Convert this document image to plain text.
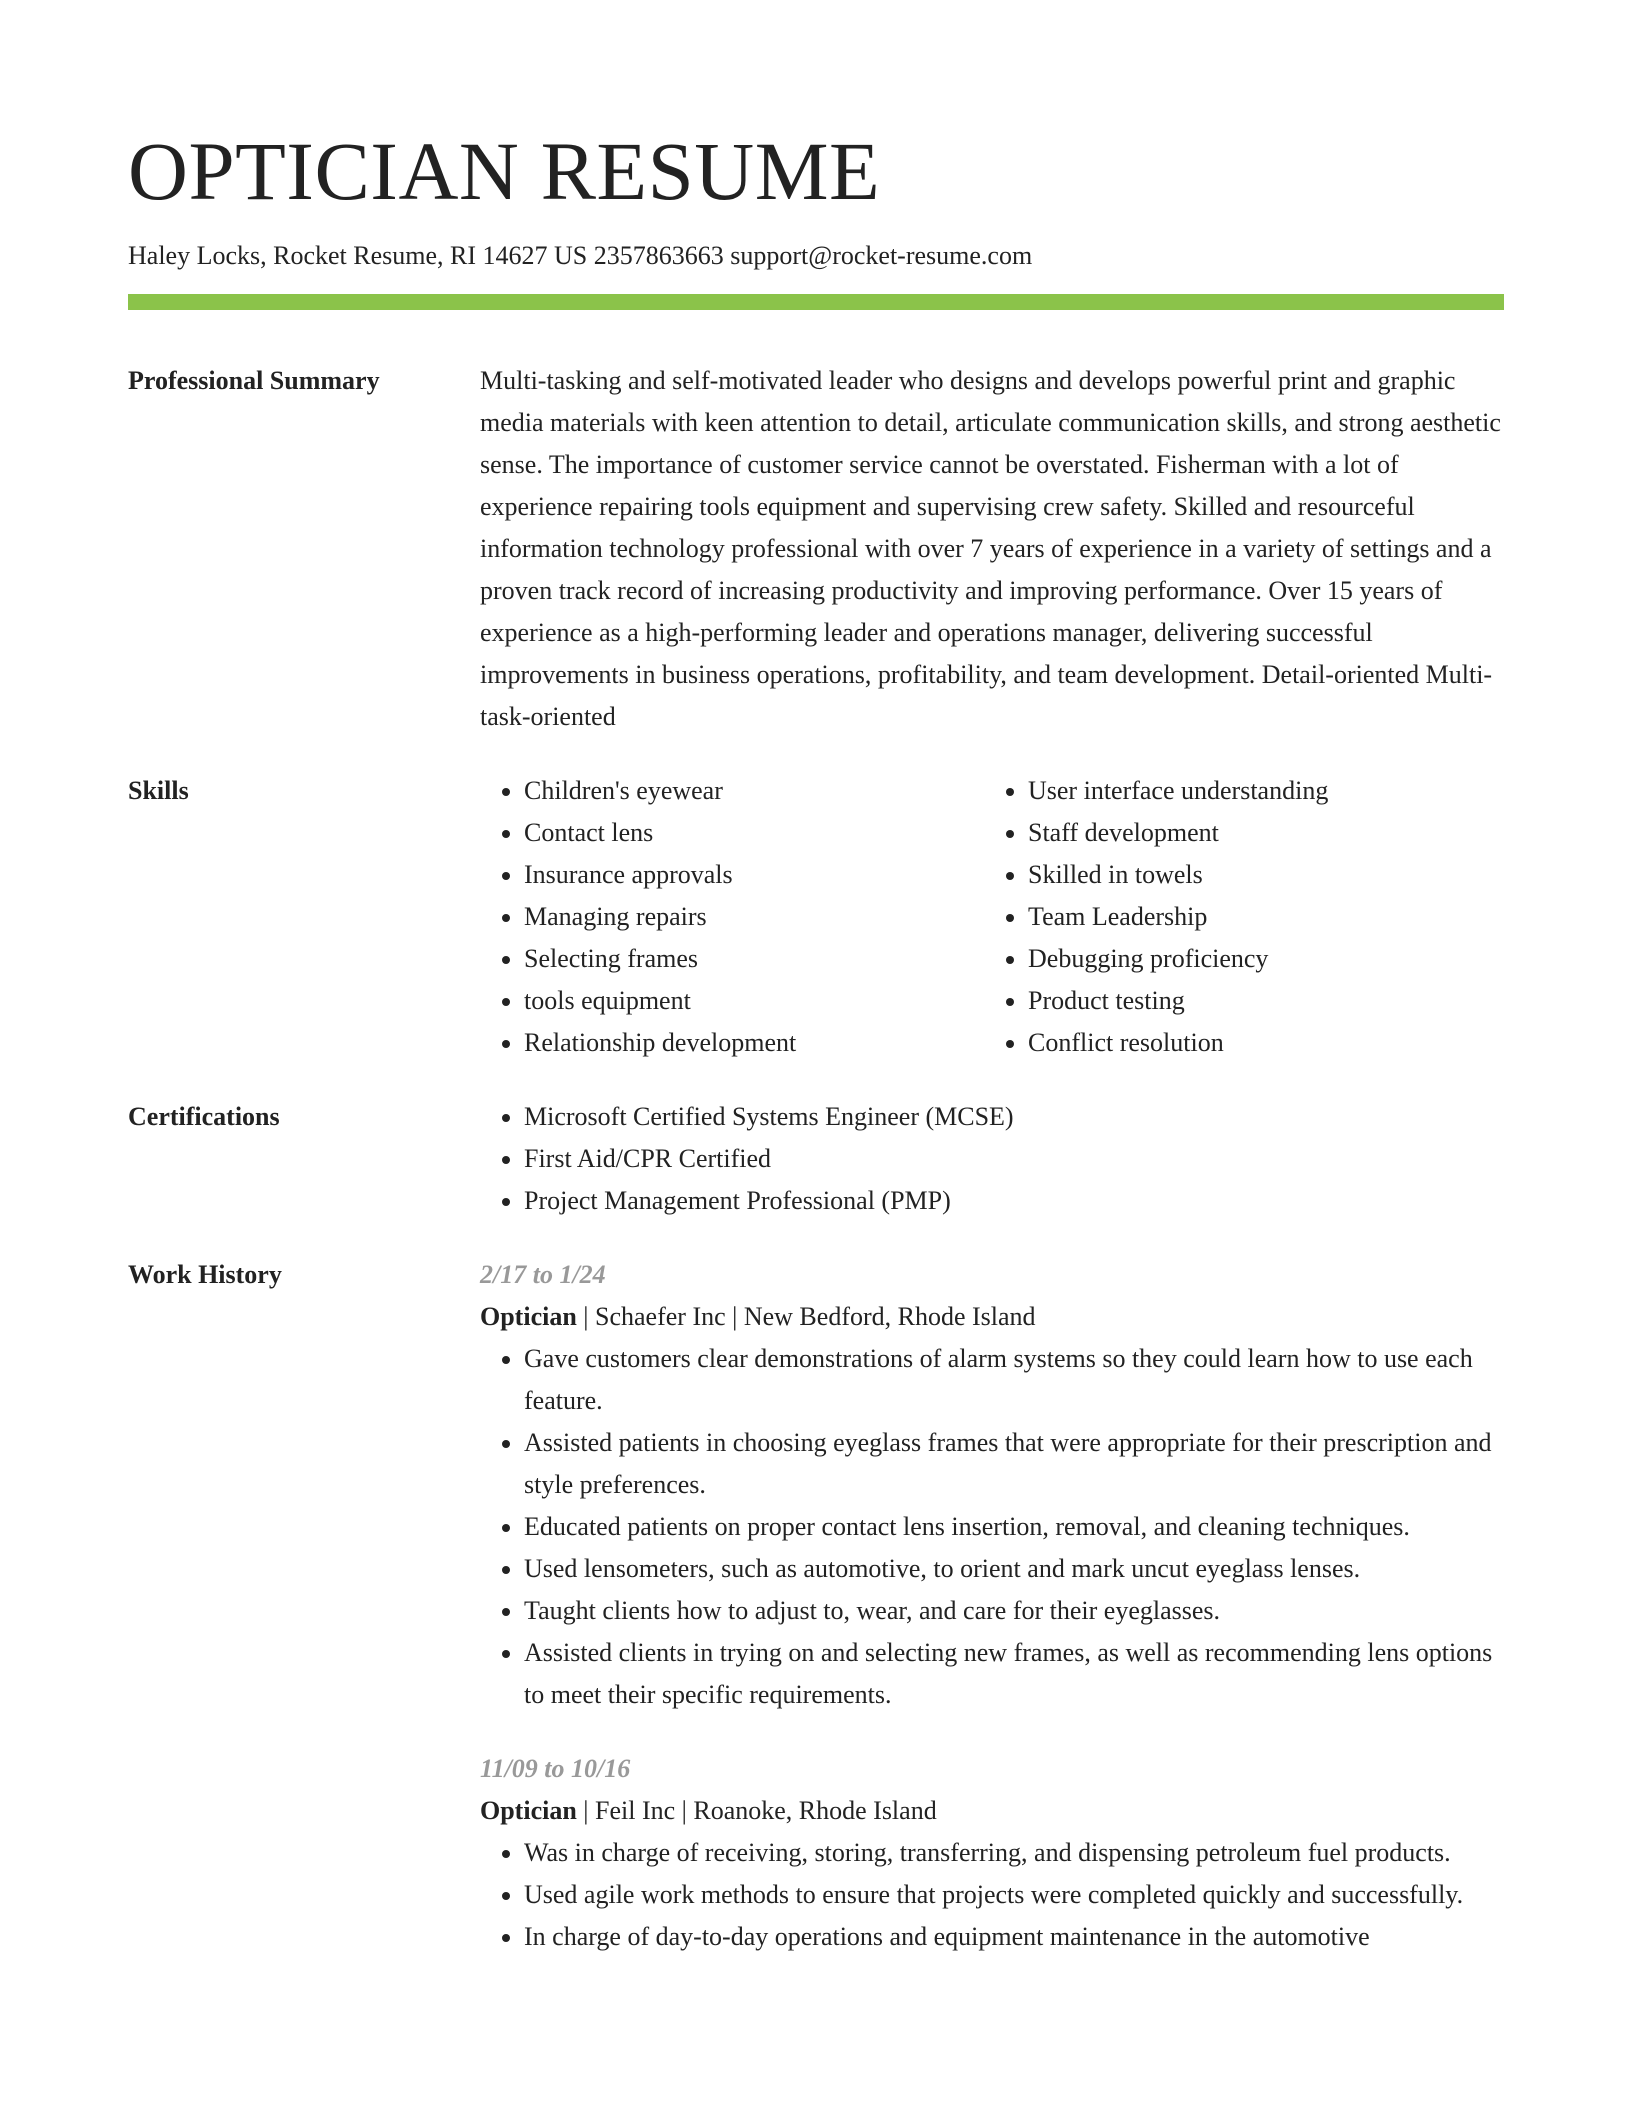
OPTICIAN RESUME
Haley Locks, Rocket Resume, RI 14627 US 2357863663 support@rocket-resume.com
Professional Summary	Multi-tasking and self-motivated leader who designs and develops powerful print and graphic media materials with keen attention to detail, articulate communication skills, and strong aesthetic sense. The importance of customer service cannot be overstated. Fisherman with a lot of experience repairing tools equipment and supervising crew safety. Skilled and resourceful information technology professional with over 7 years of experience in a variety of settings and a proven track record of increasing productivity and improving performance. Over 15 years of experience as a high-performing leader and operations manager, delivering successful improvements in business operations, profitability, and team development. Detail-oriented Multi-task-oriented
Skills	• Children's eyewear
• Contact lens
• Insurance approvals
• Managing repairs
• Selecting frames
• tools equipment
• Relationship development
• User interface understanding
• Staff development
• Skilled in towels
• Team Leadership
• Debugging proficiency
• Product testing
• Conflict resolution
Certifications	• Microsoft Certified Systems Engineer (MCSE)
• First Aid/CPR Certified
• Project Management Professional (PMP)
Work History	2/17 to 1/24
Optician | Schaefer Inc | New Bedford, Rhode Island
• Gave customers clear demonstrations of alarm systems so they could learn how to use each feature.
• Assisted patients in choosing eyeglass frames that were appropriate for their prescription and style preferences.
• Educated patients on proper contact lens insertion, removal, and cleaning techniques.
• Used lensometers, such as automotive, to orient and mark uncut eyeglass lenses.
• Taught clients how to adjust to, wear, and care for their eyeglasses.
• Assisted clients in trying on and selecting new frames, as well as recommending lens options to meet their specific requirements.
11/09 to 10/16
Optician | Feil Inc | Roanoke, Rhode Island
• Was in charge of receiving, storing, transferring, and dispensing petroleum fuel products.
• Used agile work methods to ensure that projects were completed quickly and successfully.
• In charge of day-to-day operations and equipment maintenance in the automotive
